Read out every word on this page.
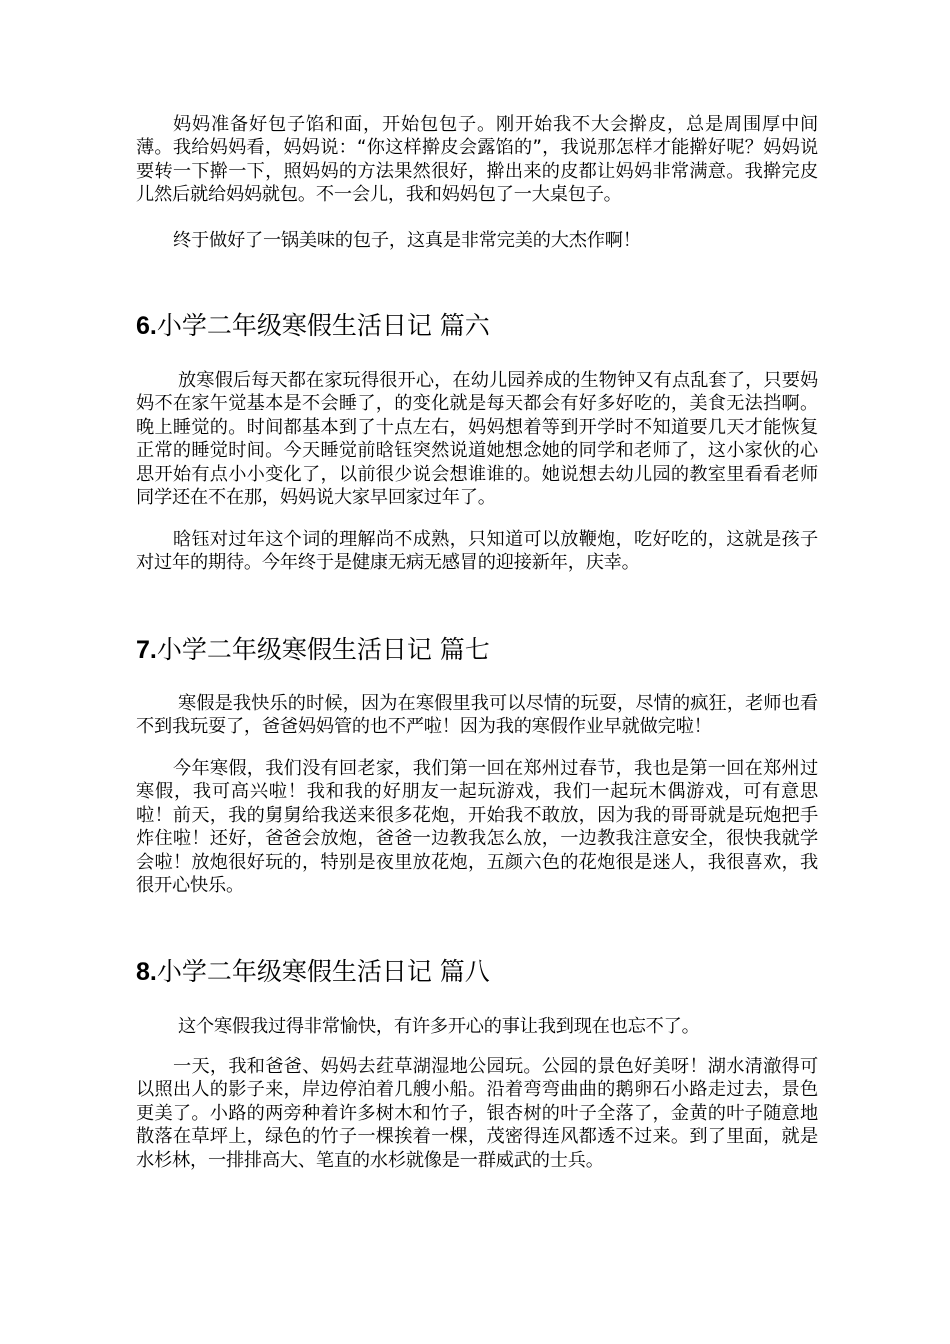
妈妈准备好包子馅和面，开始包包子。刚开始我不大会擀皮，总是周围厚中间薄。我给妈妈看，妈妈说：“你这样擀皮会露馅的”，我说那怎样才能擀好呢？妈妈说要转一下擀一下，照妈妈的方法果然很好，擀出来的皮都让妈妈非常满意。我擀完皮儿然后就给妈妈就包。不一会儿，我和妈妈包了一大桌包子。

终于做好了一锅美味的包子，这真是非常完美的大杰作啊！

6.小学二年级寒假生活日记 篇六

放寒假后每天都在家玩得很开心，在幼儿园养成的生物钟又有点乱套了，只要妈妈不在家午觉基本是不会睡了，的变化就是每天都会有好多好吃的，美食无法挡啊。晚上睡觉的。时间都基本到了十点左右，妈妈想着等到开学时不知道要几天才能恢复正常的睡觉时间。今天睡觉前晗钰突然说道她想念她的同学和老师了，这小家伙的心思开始有点小小变化了，以前很少说会想谁谁的。她说想去幼儿园的教室里看看老师同学还在不在那，妈妈说大家早回家过年了。

晗钰对过年这个词的理解尚不成熟，只知道可以放鞭炮，吃好吃的，这就是孩子对过年的期待。今年终于是健康无病无感冒的迎接新年，庆幸。

7.小学二年级寒假生活日记 篇七

寒假是我快乐的时候，因为在寒假里我可以尽情的玩耍，尽情的疯狂，老师也看不到我玩耍了，爸爸妈妈管的也不严啦！因为我的寒假作业早就做完啦！

今年寒假，我们没有回老家，我们第一回在郑州过春节，我也是第一回在郑州过寒假，我可高兴啦！我和我的好朋友一起玩游戏，我们一起玩木偶游戏，可有意思啦！前天，我的舅舅给我送来很多花炮，开始我不敢放，因为我的哥哥就是玩炮把手炸住啦！还好，爸爸会放炮，爸爸一边教我怎么放，一边教我注意安全，很快我就学会啦！放炮很好玩的，特别是夜里放花炮，五颜六色的花炮很是迷人，我很喜欢，我很开心快乐。

8.小学二年级寒假生活日记 篇八

这个寒假我过得非常愉快，有许多开心的事让我到现在也忘不了。

一天，我和爸爸、妈妈去荭草湖湿地公园玩。公园的景色好美呀！湖水清澈得可以照出人的影子来，岸边停泊着几艘小船。沿着弯弯曲曲的鹅卵石小路走过去，景色更美了。小路的两旁种着许多树木和竹子，银杏树的叶子全落了，金黄的叶子随意地散落在草坪上，绿色的竹子一棵挨着一棵，茂密得连风都透不过来。到了里面，就是水杉林，一排排高大、笔直的水杉就像是一群威武的士兵。
